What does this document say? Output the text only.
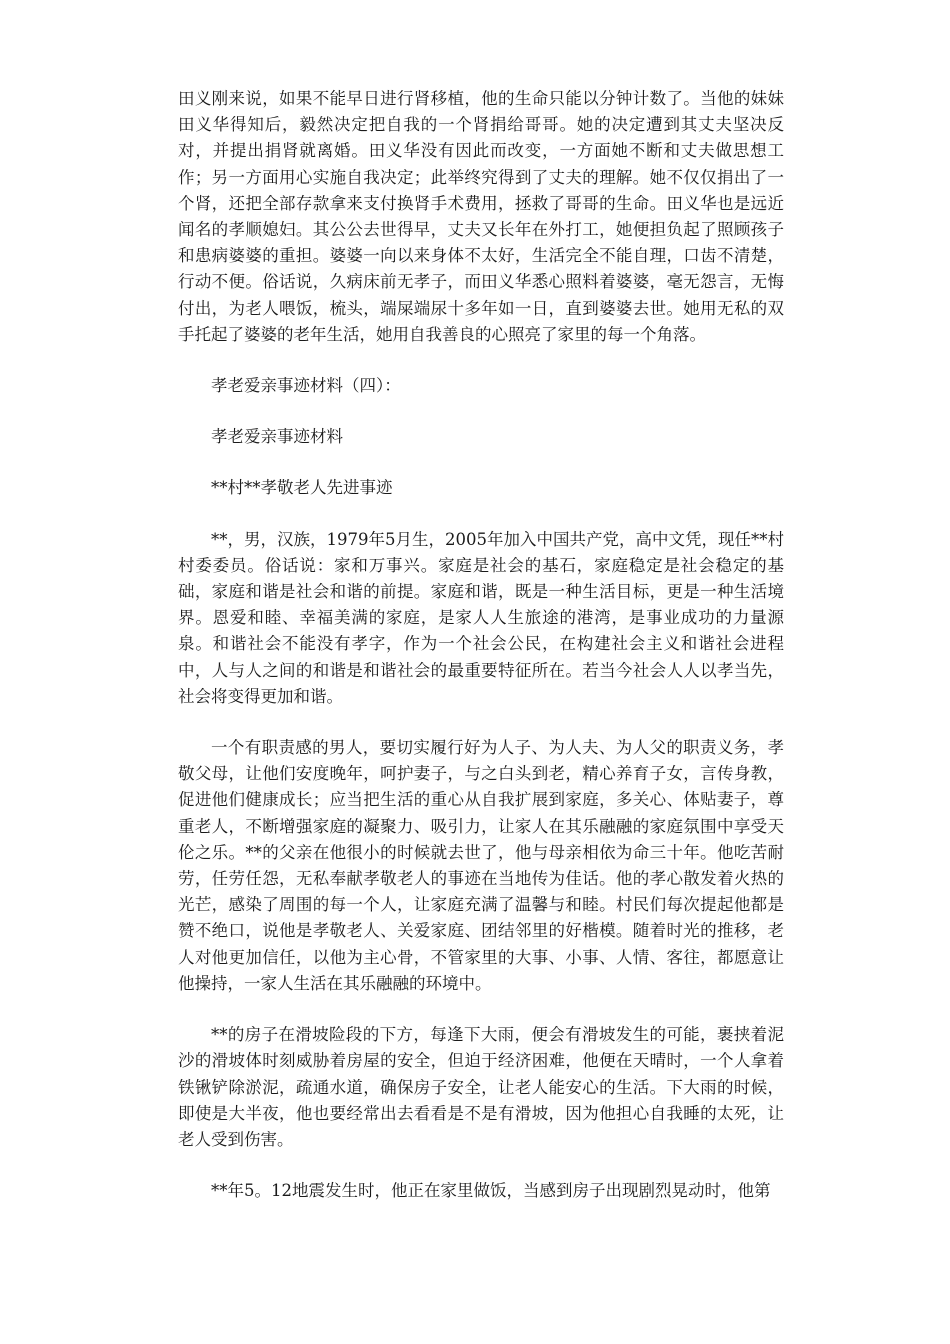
田义刚来说，如果不能早日进行肾移植，他的生命只能以分钟计数了。当他的妹妹田义华得知后，毅然决定把自我的一个肾捐给哥哥。她的决定遭到其丈夫坚决反对，并提出捐肾就离婚。田义华没有因此而改变，一方面她不断和丈夫做思想工作；另一方面用心实施自我决定；此举终究得到了丈夫的理解。她不仅仅捐出了一个肾，还把全部存款拿来支付换肾手术费用，拯救了哥哥的生命。田义华也是远近闻名的孝顺媳妇。其公公去世得早，丈夫又长年在外打工，她便担负起了照顾孩子和患病婆婆的重担。婆婆一向以来身体不太好，生活完全不能自理，口齿不清楚，行动不便。俗话说，久病床前无孝子，而田义华悉心照料着婆婆，毫无怨言，无悔付出，为老人喂饭，梳头，端屎端尿十多年如一日，直到婆婆去世。她用无私的双手托起了婆婆的老年生活，她用自我善良的心照亮了家里的每一个角落。

孝老爱亲事迹材料（四）：

孝老爱亲事迹材料

**村**孝敬老人先进事迹

**，男，汉族，1979年5月生，2005年加入中国共产党，高中文凭，现任**村村委委员。俗话说：家和万事兴。家庭是社会的基石，家庭稳定是社会稳定的基础，家庭和谐是社会和谐的前提。家庭和谐，既是一种生活目标，更是一种生活境界。恩爱和睦、幸福美满的家庭，是家人人生旅途的港湾，是事业成功的力量源泉。和谐社会不能没有孝字，作为一个社会公民，在构建社会主义和谐社会进程中，人与人之间的和谐是和谐社会的最重要特征所在。若当今社会人人以孝当先，社会将变得更加和谐。

一个有职责感的男人，要切实履行好为人子、为人夫、为人父的职责义务，孝敬父母，让他们安度晚年，呵护妻子，与之白头到老，精心养育子女，言传身教，促进他们健康成长；应当把生活的重心从自我扩展到家庭，多关心、体贴妻子，尊重老人，不断增强家庭的凝聚力、吸引力，让家人在其乐融融的家庭氛围中享受天伦之乐。**的父亲在他很小的时候就去世了，他与母亲相依为命三十年。他吃苦耐劳，任劳任怨，无私奉献孝敬老人的事迹在当地传为佳话。他的孝心散发着火热的光芒，感染了周围的每一个人，让家庭充满了温馨与和睦。村民们每次提起他都是赞不绝口，说他是孝敬老人、关爱家庭、团结邻里的好楷模。随着时光的推移，老人对他更加信任，以他为主心骨，不管家里的大事、小事、人情、客往，都愿意让他操持，一家人生活在其乐融融的环境中。

**的房子在滑坡险段的下方，每逢下大雨，便会有滑坡发生的可能，裹挟着泥沙的滑坡体时刻威胁着房屋的安全，但迫于经济困难，他便在天晴时，一个人拿着铁锹铲除淤泥，疏通水道，确保房子安全，让老人能安心的生活。下大雨的时候，即使是大半夜，他也要经常出去看看是不是有滑坡，因为他担心自我睡的太死，让老人受到伤害。

**年5。12地震发生时，他正在家里做饭，当感到房子出现剧烈晃动时，他第
